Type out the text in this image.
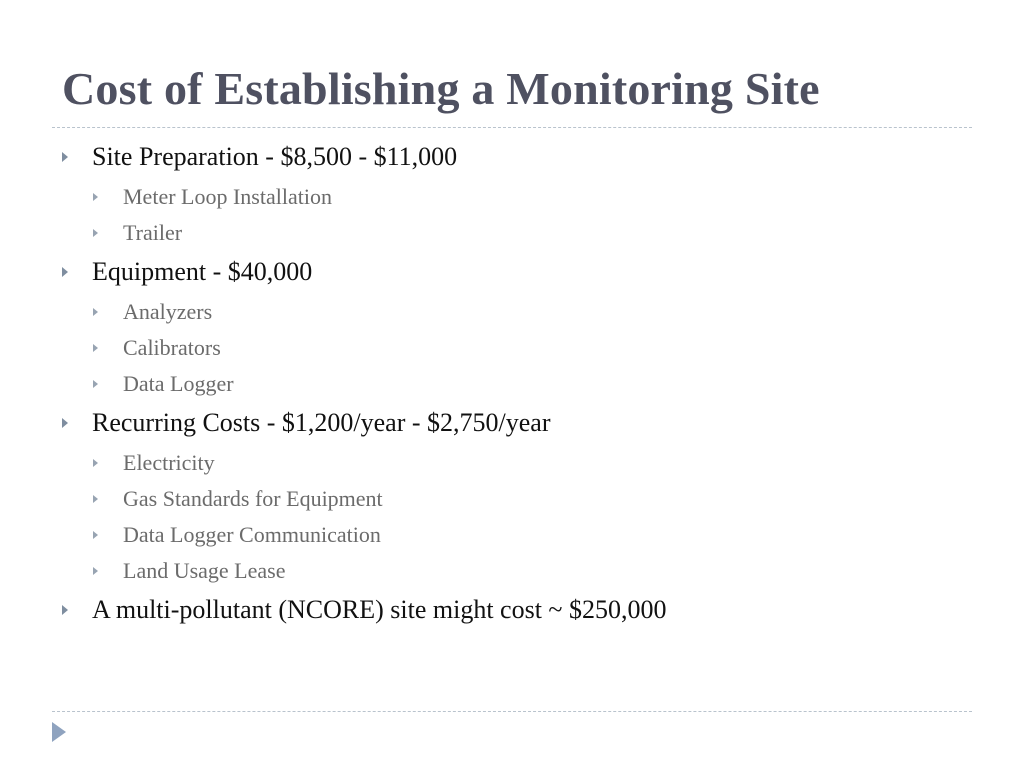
Cost of Establishing a Monitoring Site
Site Preparation - $8,500 - $11,000
Meter Loop Installation
Trailer
Equipment - $40,000
Analyzers
Calibrators
Data Logger
Recurring Costs - $1,200/year - $2,750/year
Electricity
Gas Standards for Equipment
Data Logger Communication
Land Usage Lease
A multi-pollutant (NCORE) site might cost ~ $250,000
